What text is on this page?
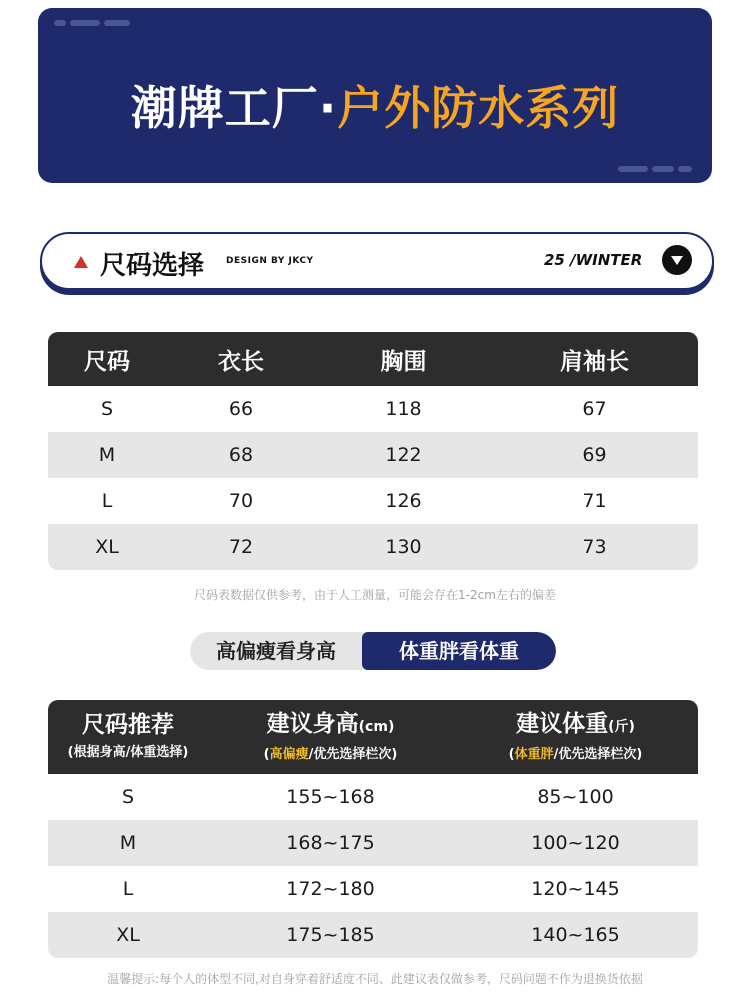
潮牌工厂·户外防水系列
尺码选择 DESIGN BY JKCY	25 /WINTER
尺码	衣长	胸围	肩袖长
S	66	118	67
M	68	122	69
L	70	126	71
XL	72	130	73
尺码表数据仅供参考，由于人工测量，可能会存在1-2cm左右的偏差
高偏瘦看身高	体重胖看体重
尺码推荐
(根据身高/体重选择)
建议身高(cm)
(高偏瘦/优先选择栏次)
建议体重(斤)
(体重胖/优先选择栏次)
S	155~168	85~100
M	168~175	100~120
L	172~180	120~145
XL	175~185	140~165
温馨提示:每个人的体型不同,对自身穿着舒适度不同、此建议表仅做参考，尺码问题不作为退换货依据
